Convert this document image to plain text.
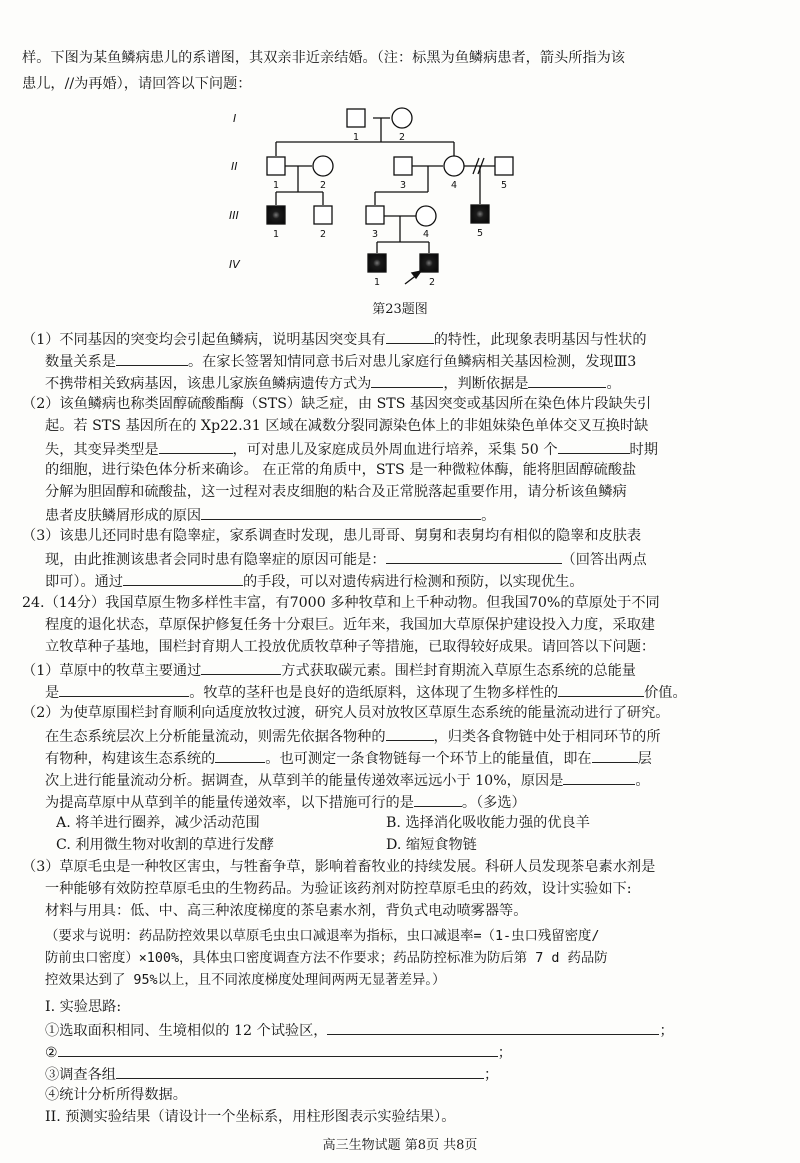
样。下图为某鱼鳞病患儿的系谱图，其双亲非近亲结婚。（注：标黑为鱼鳞病患者，箭头所指为该
患儿，//为再婚），请回答以下问题：
I
II
III
IV
1	2
1	2	3	4	5
1	2	3	4	5
1	2
第23题图
（1）不同基因的突变均会引起鱼鳞病，说明基因突变具有	的特性，此现象表明基因与性状的
数量关系是	。在家长签署知情同意书后对患儿家庭行鱼鳞病相关基因检测，发现Ⅲ3
不携带相关致病基因，该患儿家族鱼鳞病遗传方式为	，判断依据是	。
（2）该鱼鳞病也称类固醇硫酸酯酶（STS）缺乏症，由 STS 基因突变或基因所在染色体片段缺失引
起。若 STS 基因所在的 Xp22.31 区域在减数分裂同源染色体上的非姐妹染色单体交叉互换时缺
失，其变异类型是	，可对患儿及家庭成员外周血进行培养，采集 50 个	时期
的细胞，进行染色体分析来确诊。 在正常的角质中，STS 是一种微粒体酶，能将胆固醇硫酸盐
分解为胆固醇和硫酸盐，这一过程对表皮细胞的粘合及正常脱落起重要作用，请分析该鱼鳞病
患者皮肤鳞屑形成的原因	。
（3）该患儿还同时患有隐睾症，家系调查时发现，患儿哥哥、舅舅和表舅均有相似的隐睾和皮肤表
现，由此推测该患者会同时患有隐睾症的原因可能是：	（回答出两点
即可）。通过	的手段，可以对遗传病进行检测和预防，以实现优生。
24.（14分）我国草原生物多样性丰富，有7000 多种牧草和上千种动物。但我国70%的草原处于不同
程度的退化状态，草原保护修复任务十分艰巨。近年来，我国加大草原保护建设投入力度，采取建
立牧草种子基地，围栏封育期人工投放优质牧草种子等措施，已取得较好成果。请回答以下问题：
（1）草原中的牧草主要通过	方式获取碳元素。围栏封育期流入草原生态系统的总能量
是	。牧草的茎秆也是良好的造纸原料，这体现了生物多样性的	价值。
（2）为使草原围栏封育顺利向适度放牧过渡，研究人员对放牧区草原生态系统的能量流动进行了研究。
在生态系统层次上分析能量流动，则需先依据各物种的	，归类各食物链中处于相同环节的所
有物种，构建该生态系统的	。也可测定一条食物链每一个环节上的能量值，即在	层
次上进行能量流动分析。据调查，从草到羊的能量传递效率远远小于 10%，原因是	。
为提高草原中从草到羊的能量传递效率，以下措施可行的是	。（多选）
A. 将羊进行圈养，减少活动范围	B. 选择消化吸收能力强的优良羊
C. 利用微生物对收割的草进行发酵	D. 缩短食物链
（3）草原毛虫是一种牧区害虫，与牲畜争草，影响着畜牧业的持续发展。科研人员发现茶皂素水剂是
一种能够有效防控草原毛虫的生物药品。为验证该药剂对防控草原毛虫的药效，设计实验如下:
材料与用具：低、中、高三种浓度梯度的茶皂素水剂，背负式电动喷雾器等。
（要求与说明：药品防控效果以草原毛虫虫口减退率为指标，虫口减退率=（1-虫口残留密度/
防前虫口密度）×100%，具体虫口密度调查方法不作要求；药品防控标准为防后第 7 d 药品防
控效果达到了 95%以上，且不同浓度梯度处理间两两无显著差异。）
I. 实验思路:
①选取面积相同、生境相似的 12 个试验区，	；
②	；
③调查各组	；
④统计分析所得数据。
II. 预测实验结果（请设计一个坐标系，用柱形图表示实验结果）。
高三生物试题 第8页 共8页
